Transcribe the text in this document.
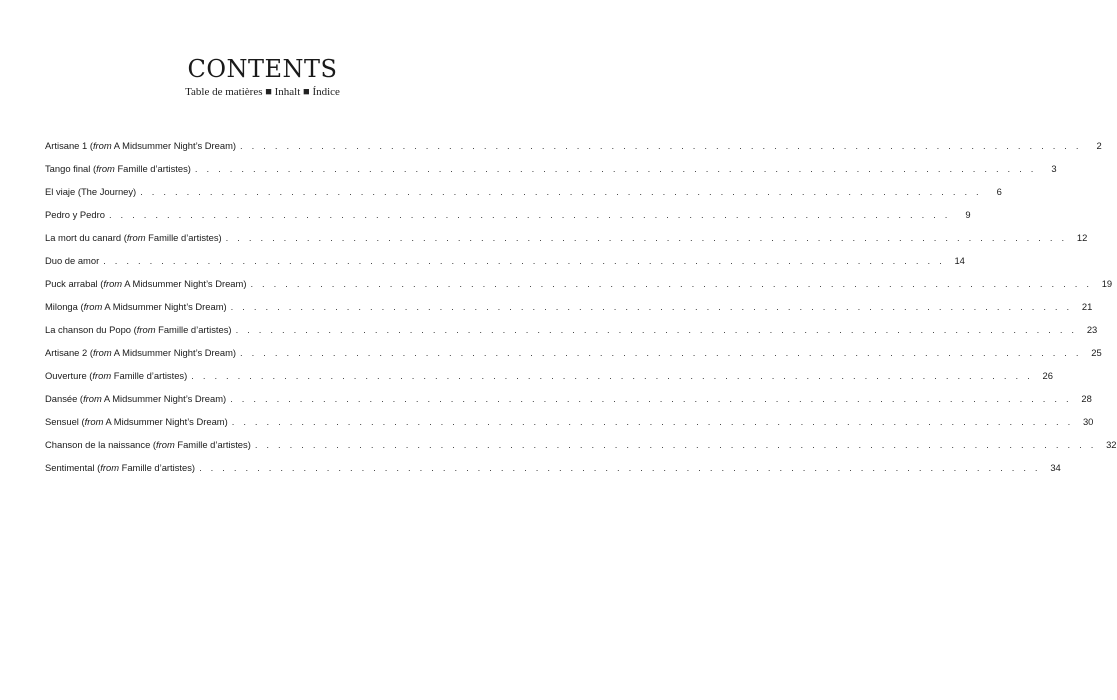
CONTENTS
Table de matières ■ Inhalt ■ Índice
Artisane 1 (from A Midsummer Night’s Dream) . . . . . . . . . . . . . . . . . . . . . . . . . . . . . . . . . . . . . . . . . . . . . . . . . . . . . . . . . . . . . . . . . . . . . . . . .	2
Tango final (from Famille d’artistes) . . . . . . . . . . . . . . . . . . . . . . . . . . . . . . . . . . . . . . . . . . . . . . . . . . . . . . . . . . . . . . . . . . . . . . . . .	3
El viaje (The Journey) . . . . . . . . . . . . . . . . . . . . . . . . . . . . . . . . . . . . . . . . . . . . . . . . . . . . . . . . . . . . . . . . . . . . . . . . .	6
Pedro y Pedro . . . . . . . . . . . . . . . . . . . . . . . . . . . . . . . . . . . . . . . . . . . . . . . . . . . . . . . . . . . . . . . . . . . . . . . . .	9
La mort du canard (from Famille d’artistes) . . . . . . . . . . . . . . . . . . . . . . . . . . . . . . . . . . . . . . . . . . . . . . . . . . . . . . . . . . . . . . . . . . . . . . . . .	12
Duo de amor . . . . . . . . . . . . . . . . . . . . . . . . . . . . . . . . . . . . . . . . . . . . . . . . . . . . . . . . . . . . . . . . . . . . . . . . .	14
Puck arrabal (from A Midsummer Night’s Dream) . . . . . . . . . . . . . . . . . . . . . . . . . . . . . . . . . . . . . . . . . . . . . . . . . . . . . . . . . . . . . . . . . . . . . . . . .	19
Milonga (from A Midsummer Night’s Dream) . . . . . . . . . . . . . . . . . . . . . . . . . . . . . . . . . . . . . . . . . . . . . . . . . . . . . . . . . . . . . . . . . . . . . . . . .	21
La chanson du Popo (from Famille d’artistes) . . . . . . . . . . . . . . . . . . . . . . . . . . . . . . . . . . . . . . . . . . . . . . . . . . . . . . . . . . . . . . . . . . . . . . . . .	23
Artisane 2 (from A Midsummer Night’s Dream) . . . . . . . . . . . . . . . . . . . . . . . . . . . . . . . . . . . . . . . . . . . . . . . . . . . . . . . . . . . . . . . . . . . . . . . . .	25
Ouverture (from Famille d’artistes) . . . . . . . . . . . . . . . . . . . . . . . . . . . . . . . . . . . . . . . . . . . . . . . . . . . . . . . . . . . . . . . . . . . . . . . . .	26
Dansée (from A Midsummer Night’s Dream) . . . . . . . . . . . . . . . . . . . . . . . . . . . . . . . . . . . . . . . . . . . . . . . . . . . . . . . . . . . . . . . . . . . . . . . . .	28
Sensuel (from A Midsummer Night’s Dream) . . . . . . . . . . . . . . . . . . . . . . . . . . . . . . . . . . . . . . . . . . . . . . . . . . . . . . . . . . . . . . . . . . . . . . . . .	30
Chanson de la naissance (from Famille d’artistes) . . . . . . . . . . . . . . . . . . . . . . . . . . . . . . . . . . . . . . . . . . . . . . . . . . . . . . . . . . . . . . . . . . . . . . . . .	32
Sentimental (from Famille d’artistes) . . . . . . . . . . . . . . . . . . . . . . . . . . . . . . . . . . . . . . . . . . . . . . . . . . . . . . . . . . . . . . . . . . . . . . . . .	34
